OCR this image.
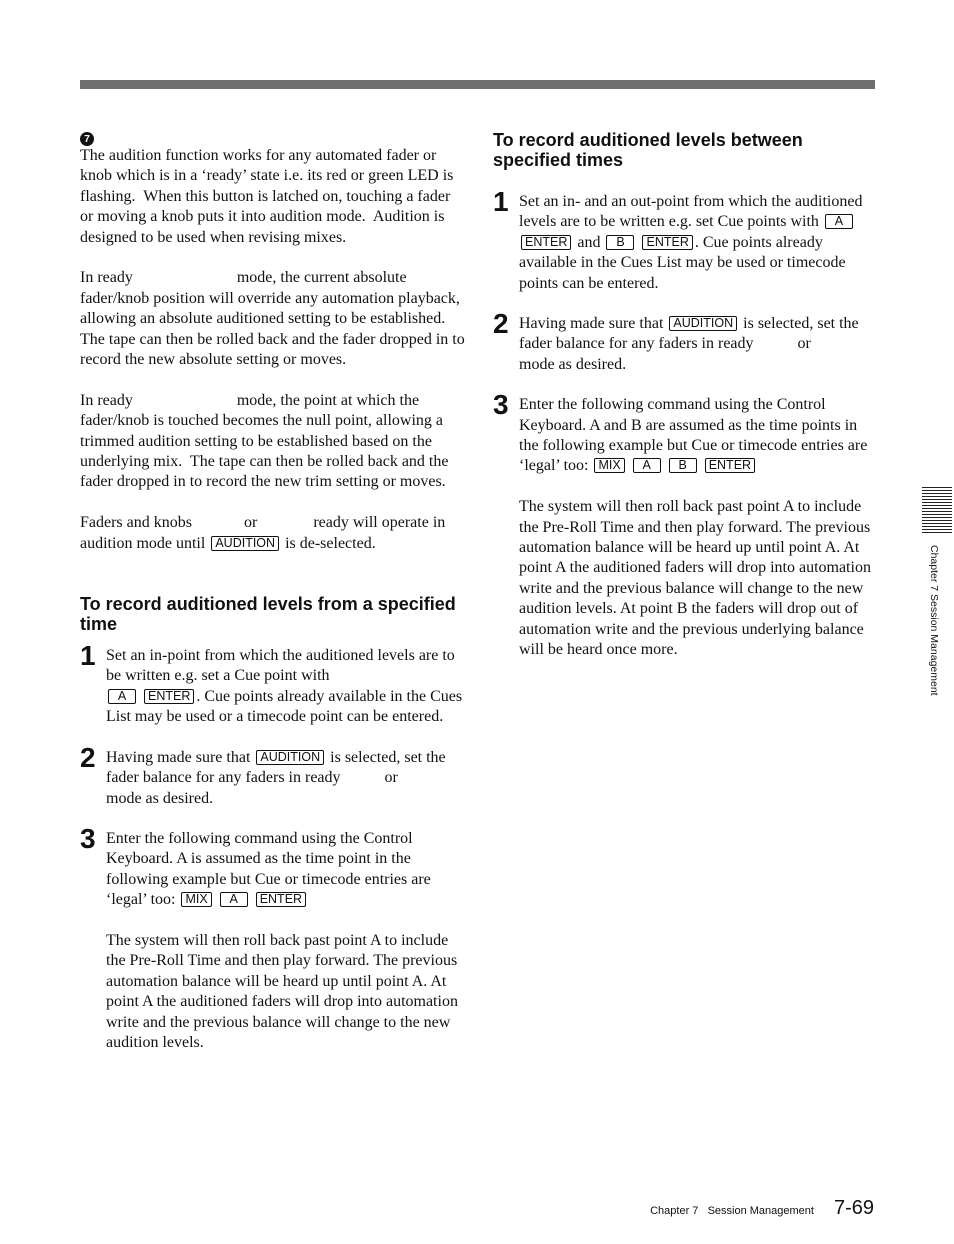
7

The audition function works for any automated fader or knob which is in a ‘ready’ state i.e. its red or green LED is flashing.  When this button is latched on, touching a fader or moving a knob puts it into audition mode.  Audition is designed to be used when revising mixes.

In ready                          mode, the current absolute fader/knob position will override any automation playback, allowing an absolute auditioned setting to be established.  The tape can then be rolled back and the fader dropped in to record the new absolute setting or moves.

In ready                          mode, the point at which the fader/knob is touched becomes the null point, allowing a trimmed audition setting to be established based on the underlying mix.  The tape can then be rolled back and the fader dropped in to record the new trim setting or moves.

Faders and knobs             or              ready will operate in audition mode until AUDITION is de-selected.

To record auditioned levels from a specified time
1 Set an in-point from which the auditioned levels are to be written e.g. set a Cue point with
A ENTER . Cue points already available in the Cues List may be used or a timecode point can be entered.

2 Having made sure that AUDITION is selected, set the fader balance for any faders in ready           or              mode as desired.

3 Enter the following command using the Control Keyboard. A is assumed as the time point in the following example but Cue or timecode entries are ‘legal’ too: MIX A ENTER

The system will then roll back past point A to include the Pre-Roll Time and then play forward. The previous automation balance will be heard up until point A. At point A the auditioned faders will drop into automation write and the previous balance will change to the new audition levels.

To record auditioned levels between specified times
1 Set an in- and an out-point from which the auditioned levels are to be written e.g. set Cue points with A ENTER and B ENTER . Cue points already available in the Cues List may be used or timecode points can be entered.

2 Having made sure that AUDITION is selected, set the fader balance for any faders in ready           or              mode as desired.

3 Enter the following command using the Control Keyboard. A and B are assumed as the time points in the following example but Cue or timecode entries are ‘legal’ too: MIX A B ENTER

The system will then roll back past point A to include the Pre-Roll Time and then play forward. The previous automation balance will be heard up until point A. At point A the auditioned faders will drop into automation write and the previous balance will change to the new audition levels. At point B the faders will drop out of automation write and the previous underlying balance will be heard once more.	Chapter 7 Session Management
Chapter 7   Session Management 7-69
